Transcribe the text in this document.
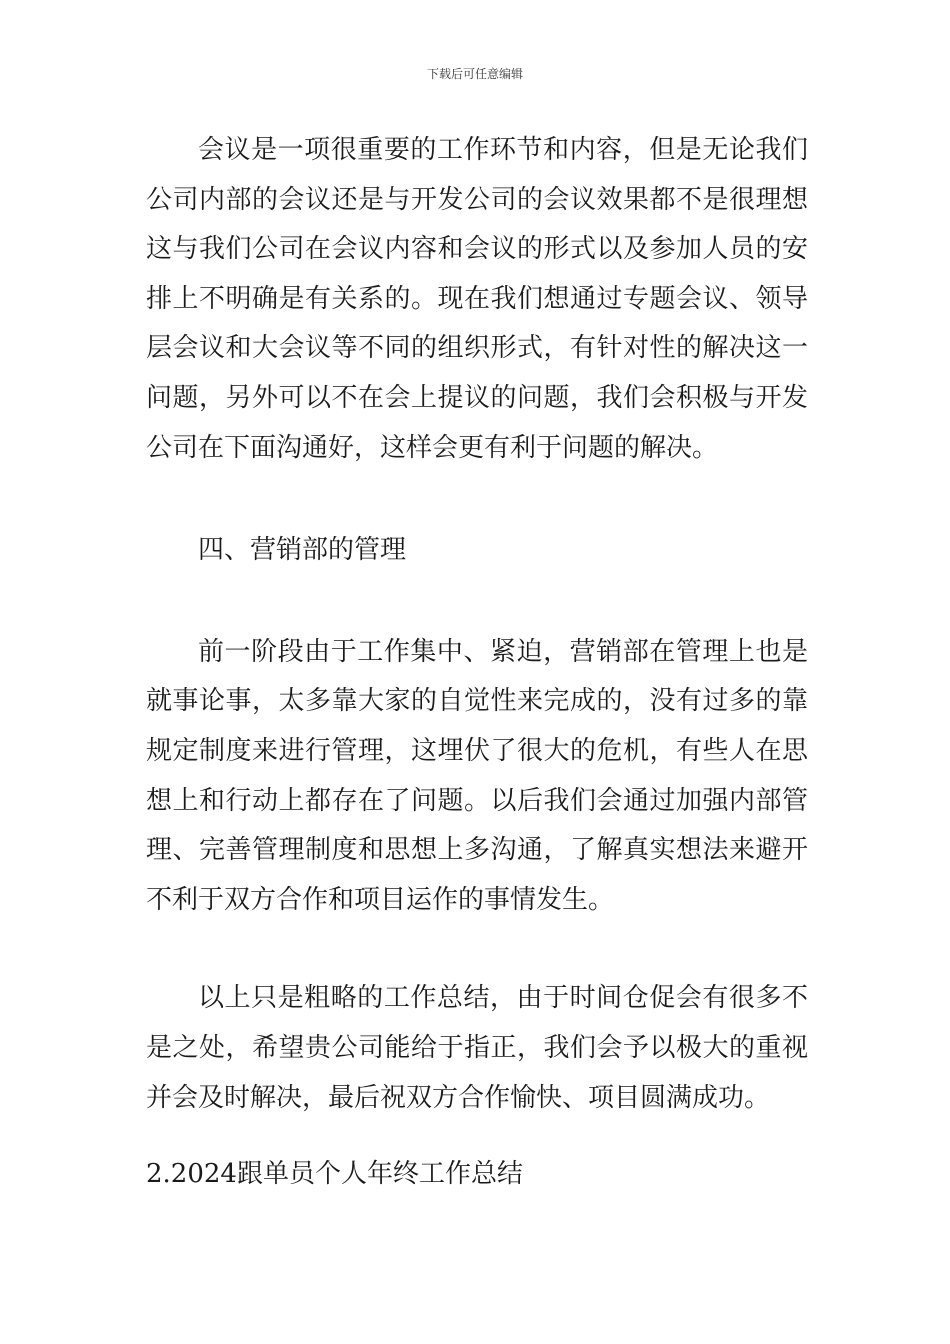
下载后可任意编辑

会议是一项很重要的工作环节和内容，但是无论我们公司内部的会议还是与开发公司的会议效果都不是很理想这与我们公司在会议内容和会议的形式以及参加人员的安排上不明确是有关系的。现在我们想通过专题会议、领导层会议和大会议等不同的组织形式，有针对性的解决这一问题，另外可以不在会上提议的问题，我们会积极与开发公司在下面沟通好，这样会更有利于问题的解决。

四、营销部的管理

前一阶段由于工作集中、紧迫，营销部在管理上也是就事论事，太多靠大家的自觉性来完成的，没有过多的靠规定制度来进行管理，这埋伏了很大的危机，有些人在思想上和行动上都存在了问题。以后我们会通过加强内部管理、完善管理制度和思想上多沟通，了解真实想法来避开不利于双方合作和项目运作的事情发生。

以上只是粗略的工作总结，由于时间仓促会有很多不是之处，希望贵公司能给于指正，我们会予以极大的重视并会及时解决，最后祝双方合作愉快、项目圆满成功。

2.2024跟单员个人年终工作总结
